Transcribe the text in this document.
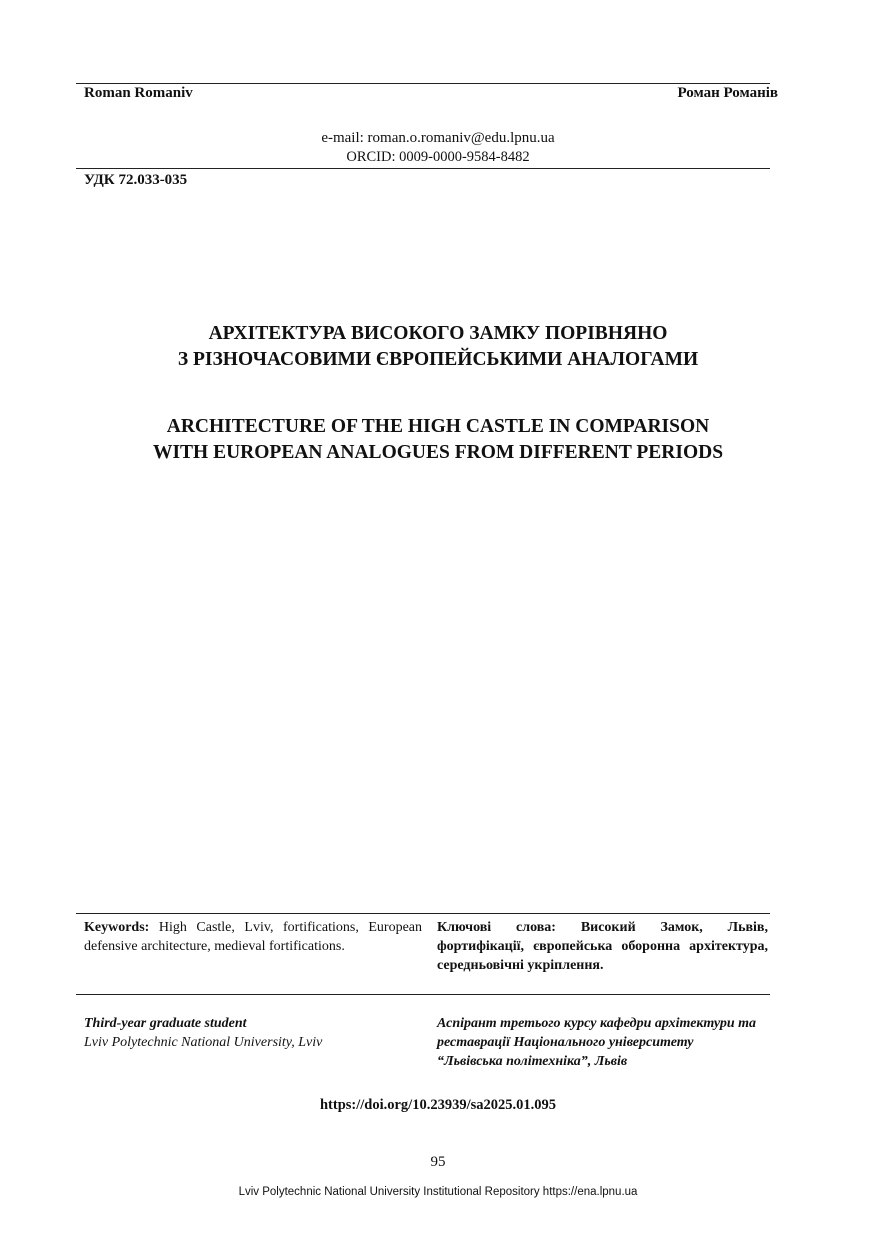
Roman Romaniv	Роман Романів
e-mail: roman.o.romaniv@edu.lpnu.ua
ORCID: 0009-0000-9584-8482
УДК 72.033-035
АРХІТЕКТУРА ВИСОКОГО ЗАМКУ ПОРІВНЯНО
З РІЗНОЧАСОВИМИ ЄВРОПЕЙСЬКИМИ АНАЛОГАМИ
ARCHITECTURE OF THE HIGH CASTLE IN COMPARISON
WITH EUROPEAN ANALOGUES FROM DIFFERENT PERIODS
Keywords: High Castle, Lviv, fortifications, European defensive architecture, medieval fortifications.
Ключові слова: Високий Замок, Львів, фортифікації, європейська оборонна архітектура, середньовічні укріплення.
Third-year graduate student
Lviv Polytechnic National University, Lviv
Аспірант третього курсу кафедри архітектури та
реставрації Національного університету
“Львівська політехніка”, Львів
https://doi.org/10.23939/sa2025.01.095
95
Lviv Polytechnic National University Institutional Repository https://ena.lpnu.ua
